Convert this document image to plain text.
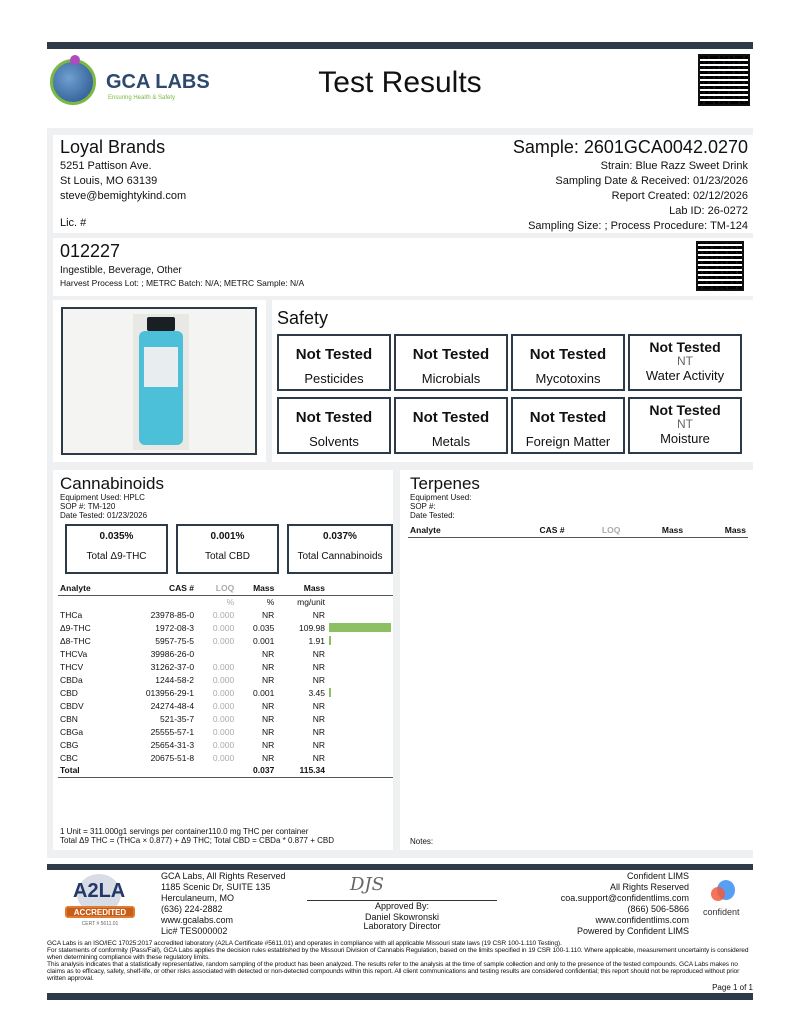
GCA LABS
Ensuring Health & Safety	Test Results
Loyal Brands
5251 Pattison Ave.
St Louis, MO 63139
steve@bemightykind.com
Lic. #
Sample: 2601GCA0042.0270
Strain: Blue Razz Sweet Drink
Sampling Date & Received: 01/23/2026
Report Created: 02/12/2026
Lab ID: 26-0272
Sampling Size: ; Process Procedure: TM-124
012227
Ingestible, Beverage, Other
Harvest Process Lot: ; METRC Batch: N/A; METRC Sample: N/A
Safety
Not Tested
Pesticides
Not Tested
Microbials
Not Tested
Mycotoxins
Not Tested
NT
Water Activity
Not Tested
Solvents
Not Tested
Metals
Not Tested
Foreign Matter
Not Tested
NT
Moisture
Cannabinoids
Equipment Used: HPLC
SOP #: TM-120
Date Tested: 01/23/2026
0.035%
Total Δ9-THC
0.001%
Total CBD
0.037%
Total Cannabinoids
Analyte	CAS #	LOQ	Mass	Mass	
		%	%	mg/unit	
THCa	23978-85-0	0.000	NR	NR	
Δ9-THC	1972-08-3	0.000	0.035	109.98	

Δ8-THC	5957-75-5	0.000	0.001	1.91	

THCVa	39986-26-0		NR	NR	
THCV	31262-37-0	0.000	NR	NR	
CBDa	1244-58-2	0.000	NR	NR	
CBD	013956-29-1	0.000	0.001	3.45	

CBDV	24274-48-4	0.000	NR	NR	
CBN	521-35-7	0.000	NR	NR	
CBGa	25555-57-1	0.000	NR	NR	
CBG	25654-31-3	0.000	NR	NR	
CBC	20675-51-8	0.000	NR	NR	
Total			0.037	115.34	
1 Unit = 311.000g1 servings per container110.0 mg THC per container
Total Δ9 THC = (THCa × 0.877) + Δ9 THC; Total CBD = CBDa * 0.877 + CBD
Terpenes
Equipment Used:
SOP #:
Date Tested:
Analyte	CAS #	LOQ	Mass	Mass
Notes:
A2LA
ACCREDITED
CERT # 5611.01
GCA Labs, All Rights Reserved
1185 Scenic Dr, SUITE 135
Herculaneum, MO
(636) 224-2882
www.gcalabs.com
Lic# TES000002
DJS
Approved By:
Daniel Skowronski
Laboratory Director
Confident LIMS
All Rights Reserved
coa.support@confidentlims.com
(866) 506-5866
www.confidentlims.com
Powered by Confident LIMS
confident
GCA Labs is an ISO/IEC 17025:2017 accredited laboratory (A2LA Certificate #5611.01) and operates in compliance with all applicable Missouri state laws (19 CSR 100-1.110 Testing).
For statements of conformity (Pass/Fail), GCA Labs applies the decision rules established by the Missouri Division of Cannabis Regulation, based on the limits specified in 19 CSR 100-1.110. Where applicable, measurement uncertainty is considered when determining compliance with these regulatory limits.
This analysis indicates that a statistically representative, random sampling of the product has been analyzed. The results refer to the analysis at the time of sample collection and only to the presence of the tested compounds. GCA Labs makes no claims as to efficacy, safety, shelf-life, or other risks associated with detected or non-detected compounds within this report. All client communications and testing results are considered confidential; this report should not be reproduced without prior written approval.
Page 1 of 1
